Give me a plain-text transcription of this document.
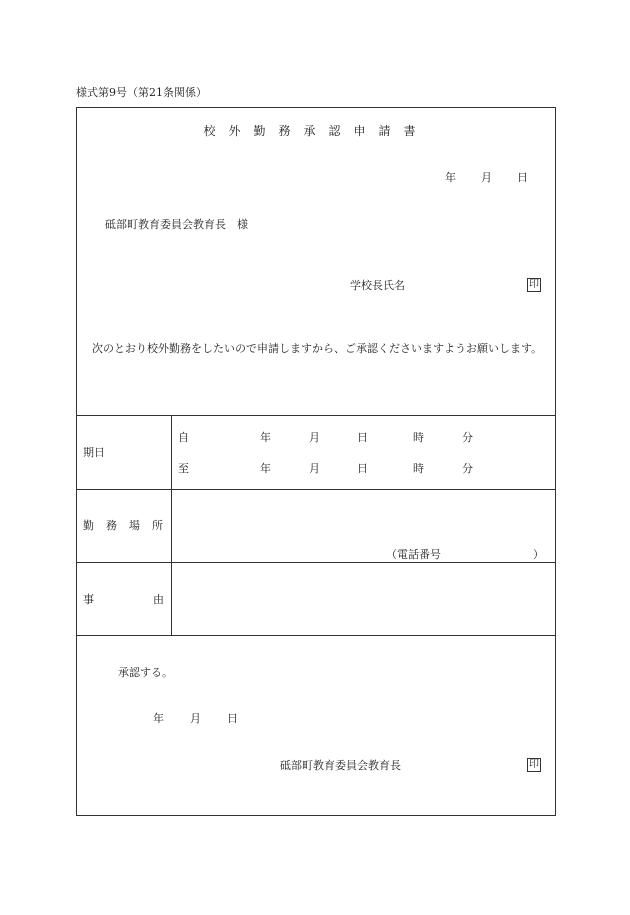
様式第9号（第21条関係）
校外勤務承認申請書
年 月 日
砥部町教育委員会教育長　様
学校長氏名	印
次のとおり校外勤務をしたいので申請しますから、ご承認くださいますようお願いします。
期日
自	年	月	日	時	分
至	年	月	日	時	分
勤務場所
（電話番号	）
事由
承認する。
年 月 日
砥部町教育委員会教育長	印
